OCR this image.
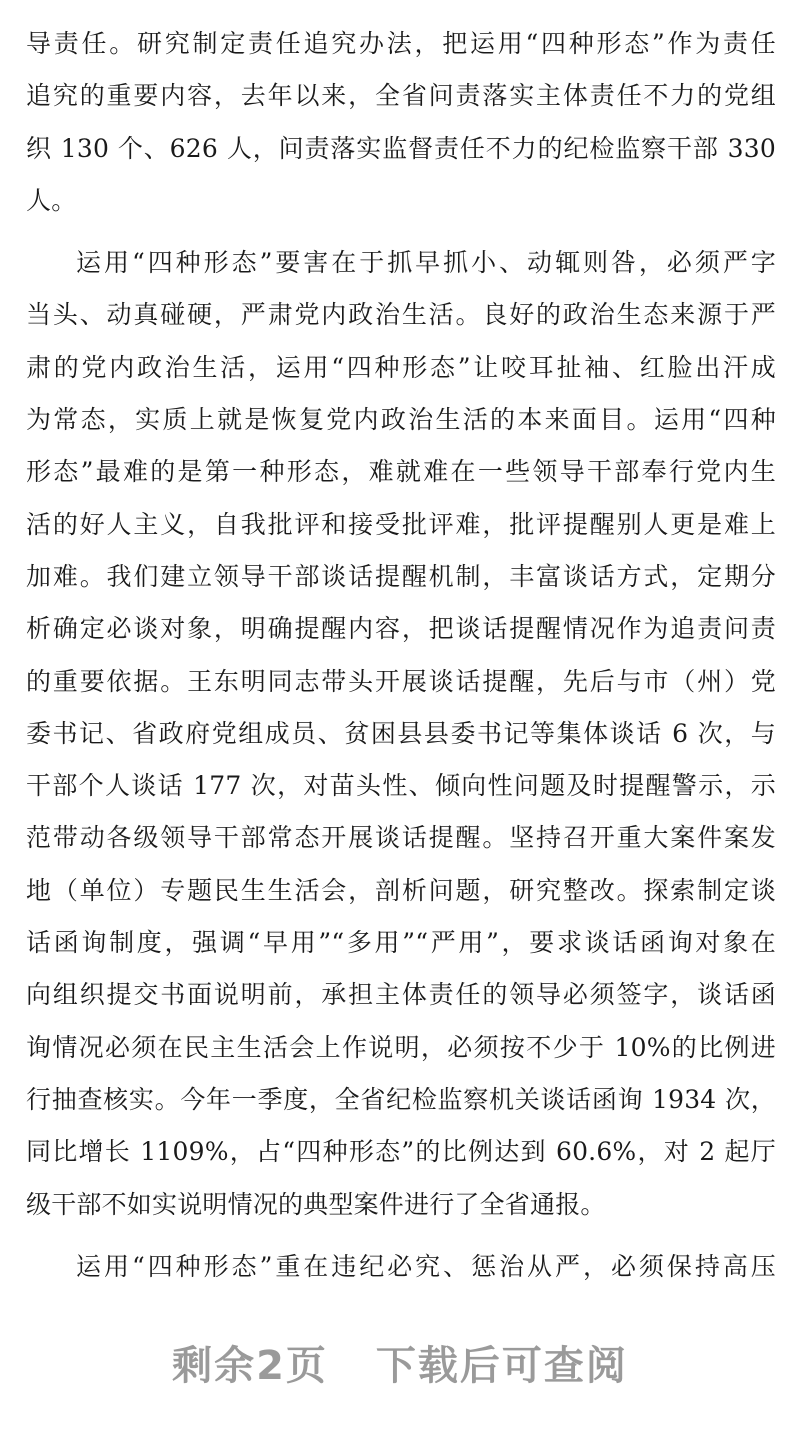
导责任。研究制定责任追究办法，把运用“四种形态”作为责任
追究的重要内容，去年以来，全省问责落实主体责任不力的党组
织 130 个、626 人，问责落实监督责任不力的纪检监察干部 330
人。
运用“四种形态”要害在于抓早抓小、动辄则咎，必须严字
当头、动真碰硬，严肃党内政治生活。良好的政治生态来源于严
肃的党内政治生活，运用“四种形态”让咬耳扯袖、红脸出汗成
为常态，实质上就是恢复党内政治生活的本来面目。运用“四种
形态”最难的是第一种形态，难就难在一些领导干部奉行党内生
活的好人主义，自我批评和接受批评难，批评提醒别人更是难上
加难。我们建立领导干部谈话提醒机制，丰富谈话方式，定期分
析确定必谈对象，明确提醒内容，把谈话提醒情况作为追责问责
的重要依据。王东明同志带头开展谈话提醒，先后与市（州）党
委书记、省政府党组成员、贫困县县委书记等集体谈话 6 次，与
干部个人谈话 177 次，对苗头性、倾向性问题及时提醒警示，示
范带动各级领导干部常态开展谈话提醒。坚持召开重大案件案发
地（单位）专题民生生活会，剖析问题，研究整改。探索制定谈
话函询制度，强调“早用”“多用”“严用”，要求谈话函询对象在
向组织提交书面说明前，承担主体责任的领导必须签字，谈话函
询情况必须在民主生活会上作说明，必须按不少于 10%的比例进
行抽查核实。今年一季度，全省纪检监察机关谈话函询 1934 次，
同比增长 1109%，占“四种形态”的比例达到 60.6%，对 2 起厅
级干部不如实说明情况的典型案件进行了全省通报。
运用“四种形态”重在违纪必究、惩治从严，必须保持高压
剩余2页 下载后可查阅
